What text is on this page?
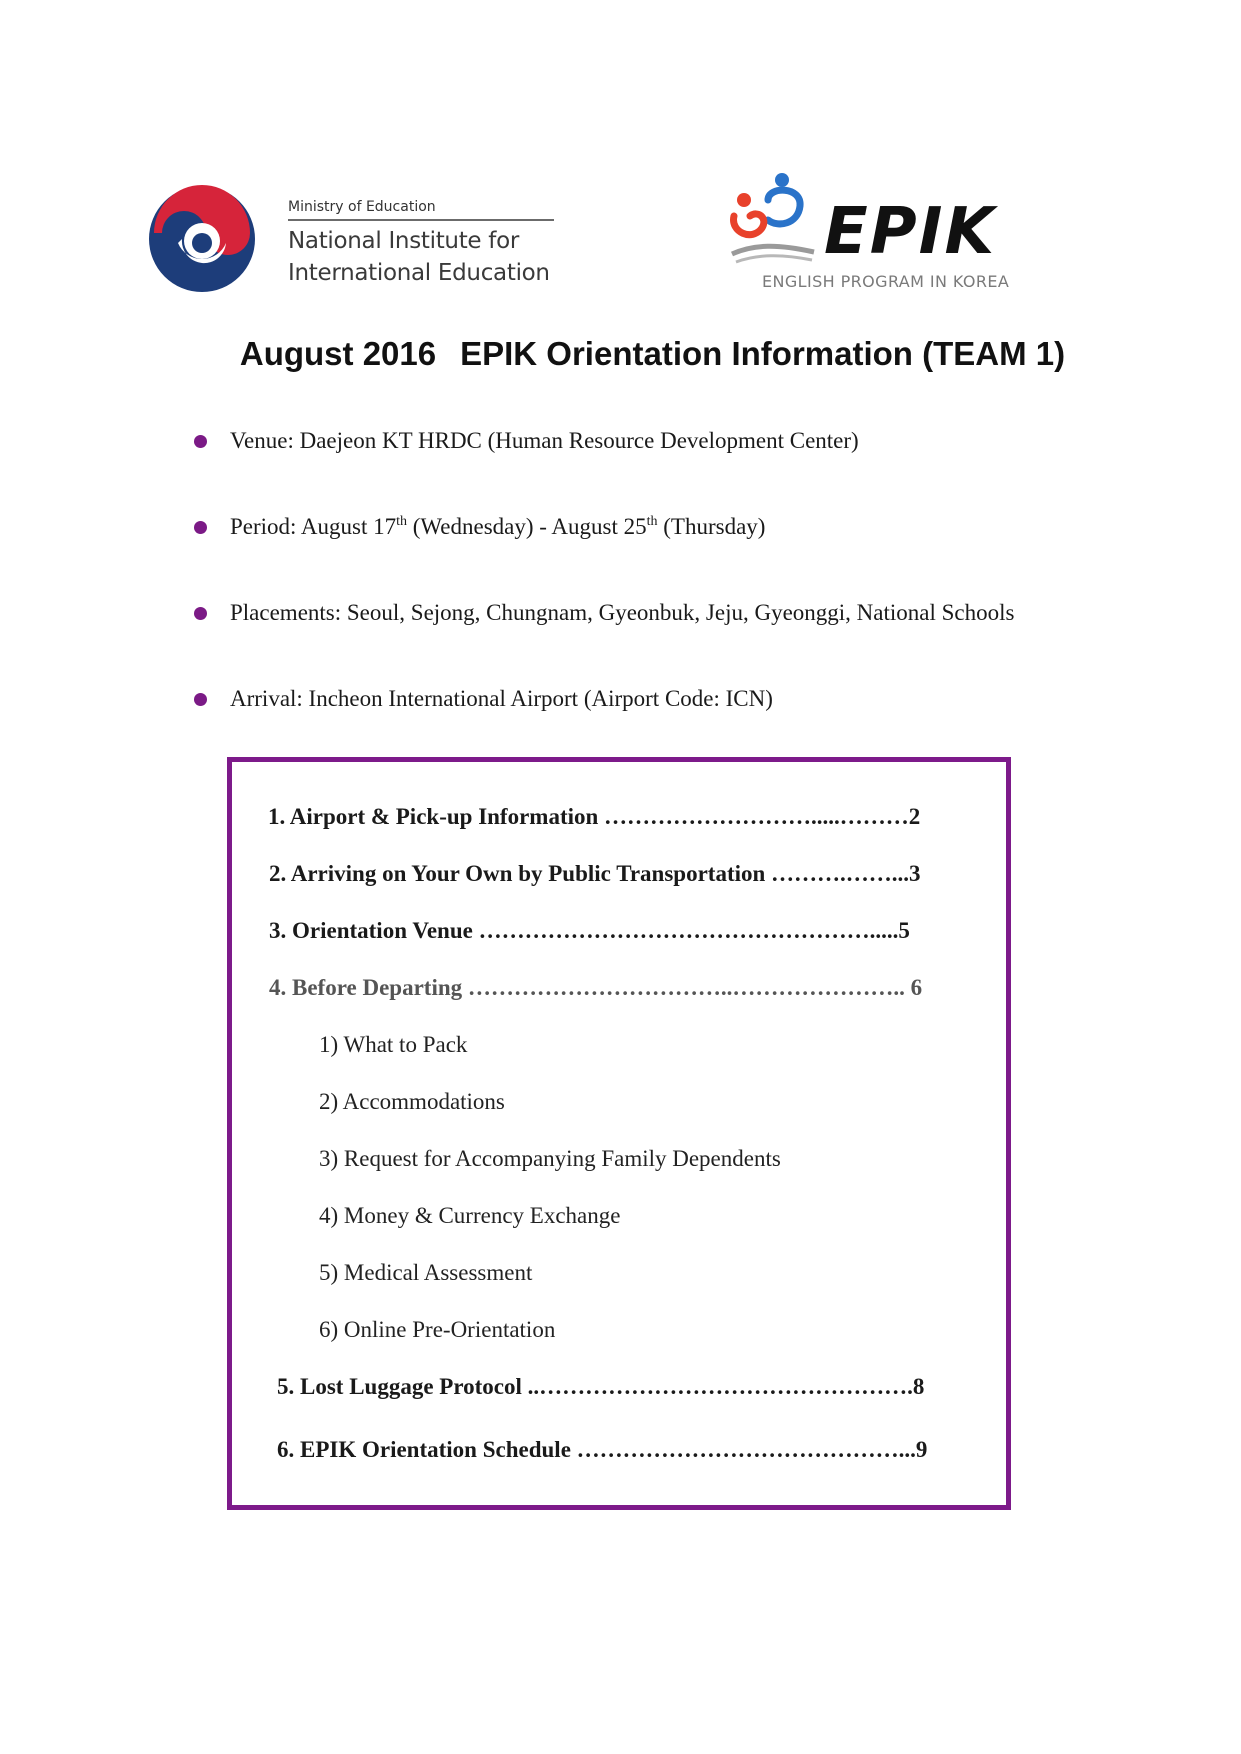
Ministry of Education
National Institute for
International Education
EPIK
ENGLISH PROGRAM IN KOREA
August 2016 EPIK Orientation Information (TEAM 1)
Venue: Daejeon KT HRDC (Human Resource Development Center)
Period: August 17th (Wednesday) - August 25th (Thursday)
Placements: Seoul, Sejong, Chungnam, Gyeonbuk, Jeju, Gyeonggi, National Schools
Arrival: Incheon International Airport (Airport Code: ICN)
1. Airport & Pick-up Information ……………………….....………2
2. Arriving on Your Own by Public Transportation ……….……...3
3. Orientation Venue …………………………………………….....5
4. Before Departing ……………………………..………………….. 6
1) What to Pack
2) Accommodations
3) Request for Accompanying Family Dependents
4) Money & Currency Exchange
5) Medical Assessment
6) Online Pre-Orientation
5. Lost Luggage Protocol ..………………………………………….8
6. EPIK Orientation Schedule ……………………………………...9
